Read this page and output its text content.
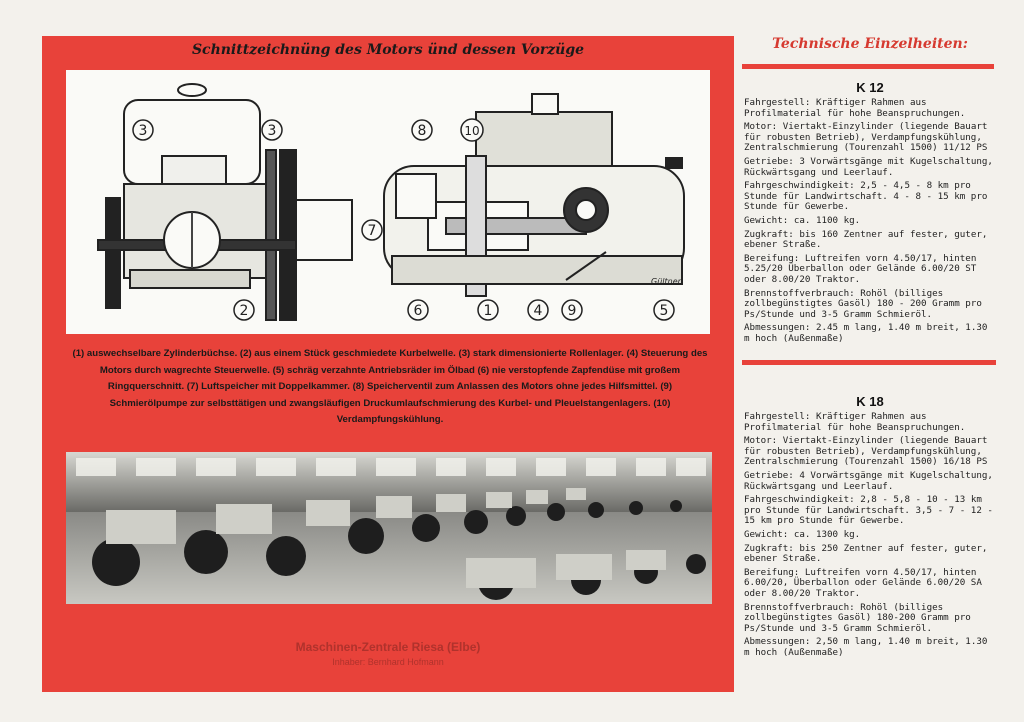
Schnittzeichnüng des Motors ünd dessen Vorzüge
3	3
2
8	10
7
6	1	4 9	5
Gültner
(1) auswechselbare Zylinderbüchse. (2) aus einem Stück geschmiedete Kurbelwelle. (3) stark dimensionierte Rollenlager. (4) Steuerung des Motors durch wagrechte Steuerwelle. (5) schräg verzahnte Antriebsräder im Ölbad (6) nie verstopfende Zapfendüse mit großem Ringquerschnitt. (7) Luftspeicher mit Doppelkammer. (8) Speicherventil zum Anlassen des Motors ohne jedes Hilfsmittel. (9) Schmierölpumpe zur selbsttätigen und zwangsläufigen Druckumlaufschmierung des Kurbel- und Pleuelstangenlagers. (10) Verdampfungskühlung.
Maschinen-Zentrale Riesa (Elbe)
Inhaber: Bernhard Hofmann
Technische Einzelheiten:
K 12
Fahrgestell: Kräftiger Rahmen aus Profilmaterial für hohe Beanspruchungen.
Motor: Viertakt-Einzylinder (liegende Bauart für robusten Betrieb), Verdampfungskühlung, Zentralschmierung (Tourenzahl 1500) 11/12 PS
Getriebe: 3 Vorwärtsgänge mit Kugelschaltung, Rückwärtsgang und Leerlauf.
Fahrgeschwindigkeit: 2,5 - 4,5 - 8 km pro Stunde für Landwirtschaft. 4 - 8 - 15 km pro Stunde für Gewerbe.
Gewicht: ca. 1100 kg.
Zugkraft: bis 160 Zentner auf fester, guter, ebener Straße.
Bereifung: Luftreifen vorn 4.50/17, hinten 5.25/20 Überballon oder Gelände 6.00/20 ST oder 8.00/20 Traktor.
Brennstoffverbrauch: Rohöl (billiges zollbegünstigtes Gasöl) 180 - 200 Gramm pro Ps/Stunde und 3-5 Gramm Schmieröl.
Abmessungen: 2.45 m lang, 1.40 m breit, 1.30 m hoch (Außenmaße)
K 18
Fahrgestell: Kräftiger Rahmen aus Profilmaterial für hohe Beanspruchungen.
Motor: Viertakt-Einzylinder (liegende Bauart für robusten Betrieb), Verdampfungskühlung, Zentralschmierung (Tourenzahl 1500) 16/18 PS
Getriebe: 4 Vorwärtsgänge mit Kugelschaltung, Rückwärtsgang und Leerlauf.
Fahrgeschwindigkeit: 2,8 - 5,8 - 10 - 13 km pro Stunde für Landwirtschaft. 3,5 - 7 - 12 - 15 km pro Stunde für Gewerbe.
Gewicht: ca. 1300 kg.
Zugkraft: bis 250 Zentner auf fester, guter, ebener Straße.
Bereifung: Luftreifen vorn 4.50/17, hinten 6.00/20, Überballon oder Gelände 6.00/20 SA oder 8.00/20 Traktor.
Brennstoffverbrauch: Rohöl (billiges zollbegünstigtes Gasöl) 180-200 Gramm pro Ps/Stunde und 3-5 Gramm Schmieröl.
Abmessungen: 2,50 m lang, 1.40 m breit, 1.30 m hoch (Außenmaße)
